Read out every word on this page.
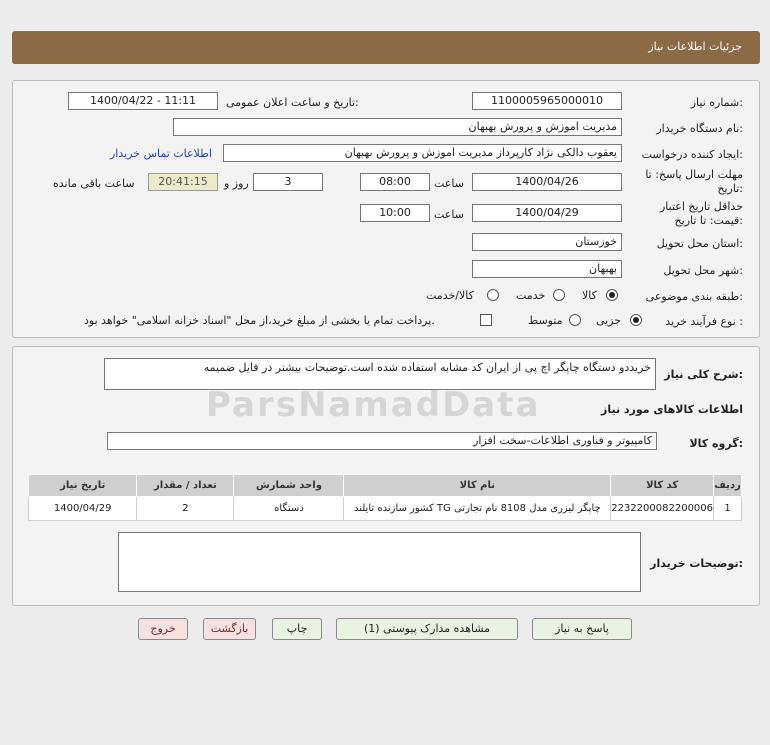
جزئیات اطلاعات نیاز
شماره نیاز:
1100005965000010
تاریخ و ساعت اعلان عمومی:
1400/04/22 - 11:11
نام دستگاه خریدار:
مدیریت اموزش و پرورش بهبهان
ایجاد کننده درخواست:
یعقوب دالکی نژاد کارپرداز مدیریت اموزش و پرورش بهبهان
اطلاعات تماس خریدار
مهلت ارسال پاسخ: تا
تاریخ:
1400/04/26
ساعت
08:00
3
روز و
20:41:15
ساعت باقی مانده
حداقل تاریخ اعتبار
قیمت: تا تاریخ:
1400/04/29
ساعت
10:00
استان محل تحویل:
خوزستان
شهر محل تحویل:
بهبهان
طبقه بندی موضوعی:
کالا
خدمت
کالا/خدمت
نوع فرآیند خرید :
جزیی
متوسط
پرداخت تمام یا بخشی از مبلغ خرید،از محل "اسناد خزانه اسلامی" خواهد بود.
شرح کلی نیاز:
خریددو دستگاه چاپگر اچ پی از ایران کد مشابه استفاده شده است.توضیحات بیشتر در فایل ضمیمه
ParsNamadData	اطلاعات کالاهای مورد نیاز
گروه کالا:
کامپیوتر و فناوری اطلاعات-سخت افزار
ردیف	کد کالا	نام کالا	واحد شمارش	تعداد / مقدار	تاریخ نیاز
1	2232200082200006	چاپگر لیزری مدل 8108 نام تجارتی TG کشور سازنده تایلند	دستگاه	2	1400/04/29
توضیحات خریدار:
پاسخ به نیاز
مشاهده مدارک پیوستی (1)
چاپ
بازگشت
خروج
